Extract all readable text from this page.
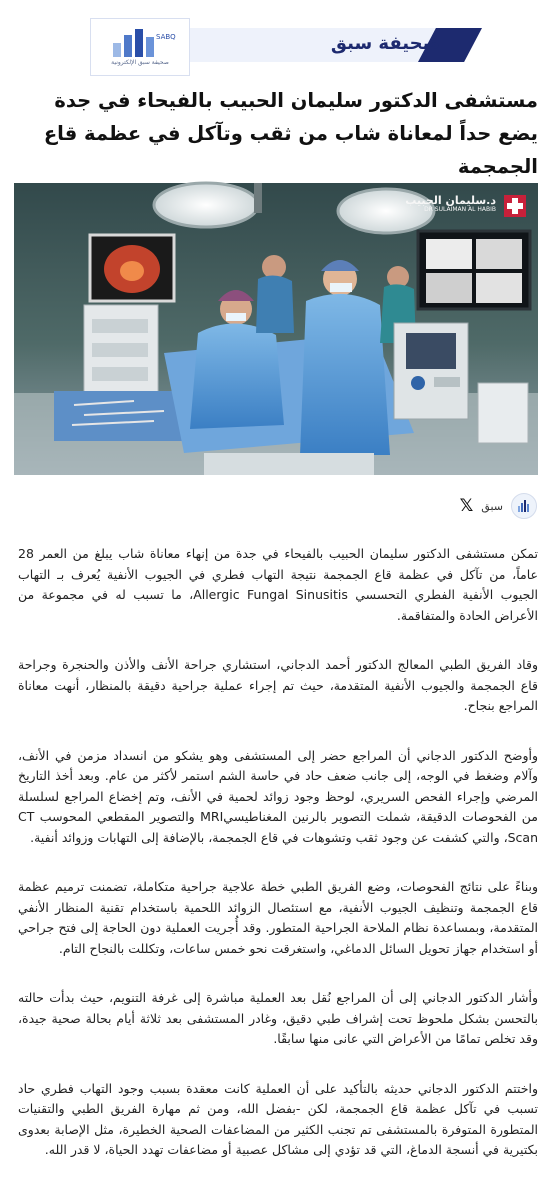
صحيفة سبق
SABQ
صحيفة سبق الإلكترونية
مستشفى الدكتور سليمان الحبيب بالفيحاء في جدة يضع حداً لمعاناة شاب من ثقب وتآكل في عظمة قاع الجمجمة
د.سليمان الحبيب
DR SULAIMAN AL HABIB
سبق
𝕏

تمكن مستشفى الدكتور سليمان الحبيب بالفيحاء في جدة من إنهاء معاناة شاب يبلغ من العمر 28 عاماً، من تآكل في عظمة قاع الجمجمة نتيجة التهاب فطري في الجيوب الأنفية يُعرف بـ التهاب الجيوب الأنفية الفطري التحسسي Allergic Fungal Sinusitis، ما تسبب له في مجموعة من الأعراض الحادة والمتفاقمة.

وقاد الفريق الطبي المعالج الدكتور أحمد الدجاني، استشاري جراحة الأنف والأذن والحنجرة وجراحة قاع الجمجمة والجيوب الأنفية المتقدمة، حيث تم إجراء عملية جراحية دقيقة بالمنظار، أنهت معاناة المراجع بنجاح.

وأوضح الدكتور الدجاني أن المراجع حضر إلى المستشفى وهو يشكو من انسداد مزمن في الأنف، وآلام وضغط في الوجه، إلى جانب ضعف حاد في حاسة الشم استمر لأكثر من عام. وبعد أخذ التاريخ المرضي وإجراء الفحص السريري، لوحظ وجود زوائد لحمية في الأنف، وتم إخضاع المراجع لسلسلة من الفحوصات الدقيقة، شملت التصوير بالرنين المغناطيسيMRI والتصوير المقطعي المحوسب CT Scan، والتي كشفت عن وجود ثقب وتشوهات في قاع الجمجمة، بالإضافة إلى التهابات وزوائد أنفية.

وبناءً على نتائج الفحوصات، وضع الفريق الطبي خطة علاجية جراحية متكاملة، تضمنت ترميم عظمة قاع الجمجمة وتنظيف الجيوب الأنفية، مع استئصال الزوائد اللحمية باستخدام تقنية المنظار الأنفي المتقدمة، وبمساعدة نظام الملاحة الجراحية المتطور. وقد أُجريت العملية دون الحاجة إلى فتح جراحي أو استخدام جهاز تحويل السائل الدماغي، واستغرقت نحو خمس ساعات، وتكللت بالنجاح التام.

وأشار الدكتور الدجاني إلى أن المراجع نُقل بعد العملية مباشرة إلى غرفة التنويم، حيث بدأت حالته بالتحسن بشكل ملحوظ تحت إشراف طبي دقيق، وغادر المستشفى بعد ثلاثة أيام بحالة صحية جيدة، وقد تخلص تمامًا من الأعراض التي عانى منها سابقًا.

واختتم الدكتور الدجاني حديثه بالتأكيد على أن العملية كانت معقدة بسبب وجود التهاب فطري حاد تسبب في تآكل عظمة قاع الجمجمة، لكن -بفضل الله، ومن ثم مهارة الفريق الطبي والتقنيات المتطورة المتوفرة بالمستشفى تم تجنب الكثير من المضاعفات الصحية الخطيرة، مثل الإصابة بعدوى بكتيرية في أنسجة الدماغ، التي قد تؤدي إلى مشاكل عصبية أو مضاعفات تهدد الحياة، لا قدر الله.
